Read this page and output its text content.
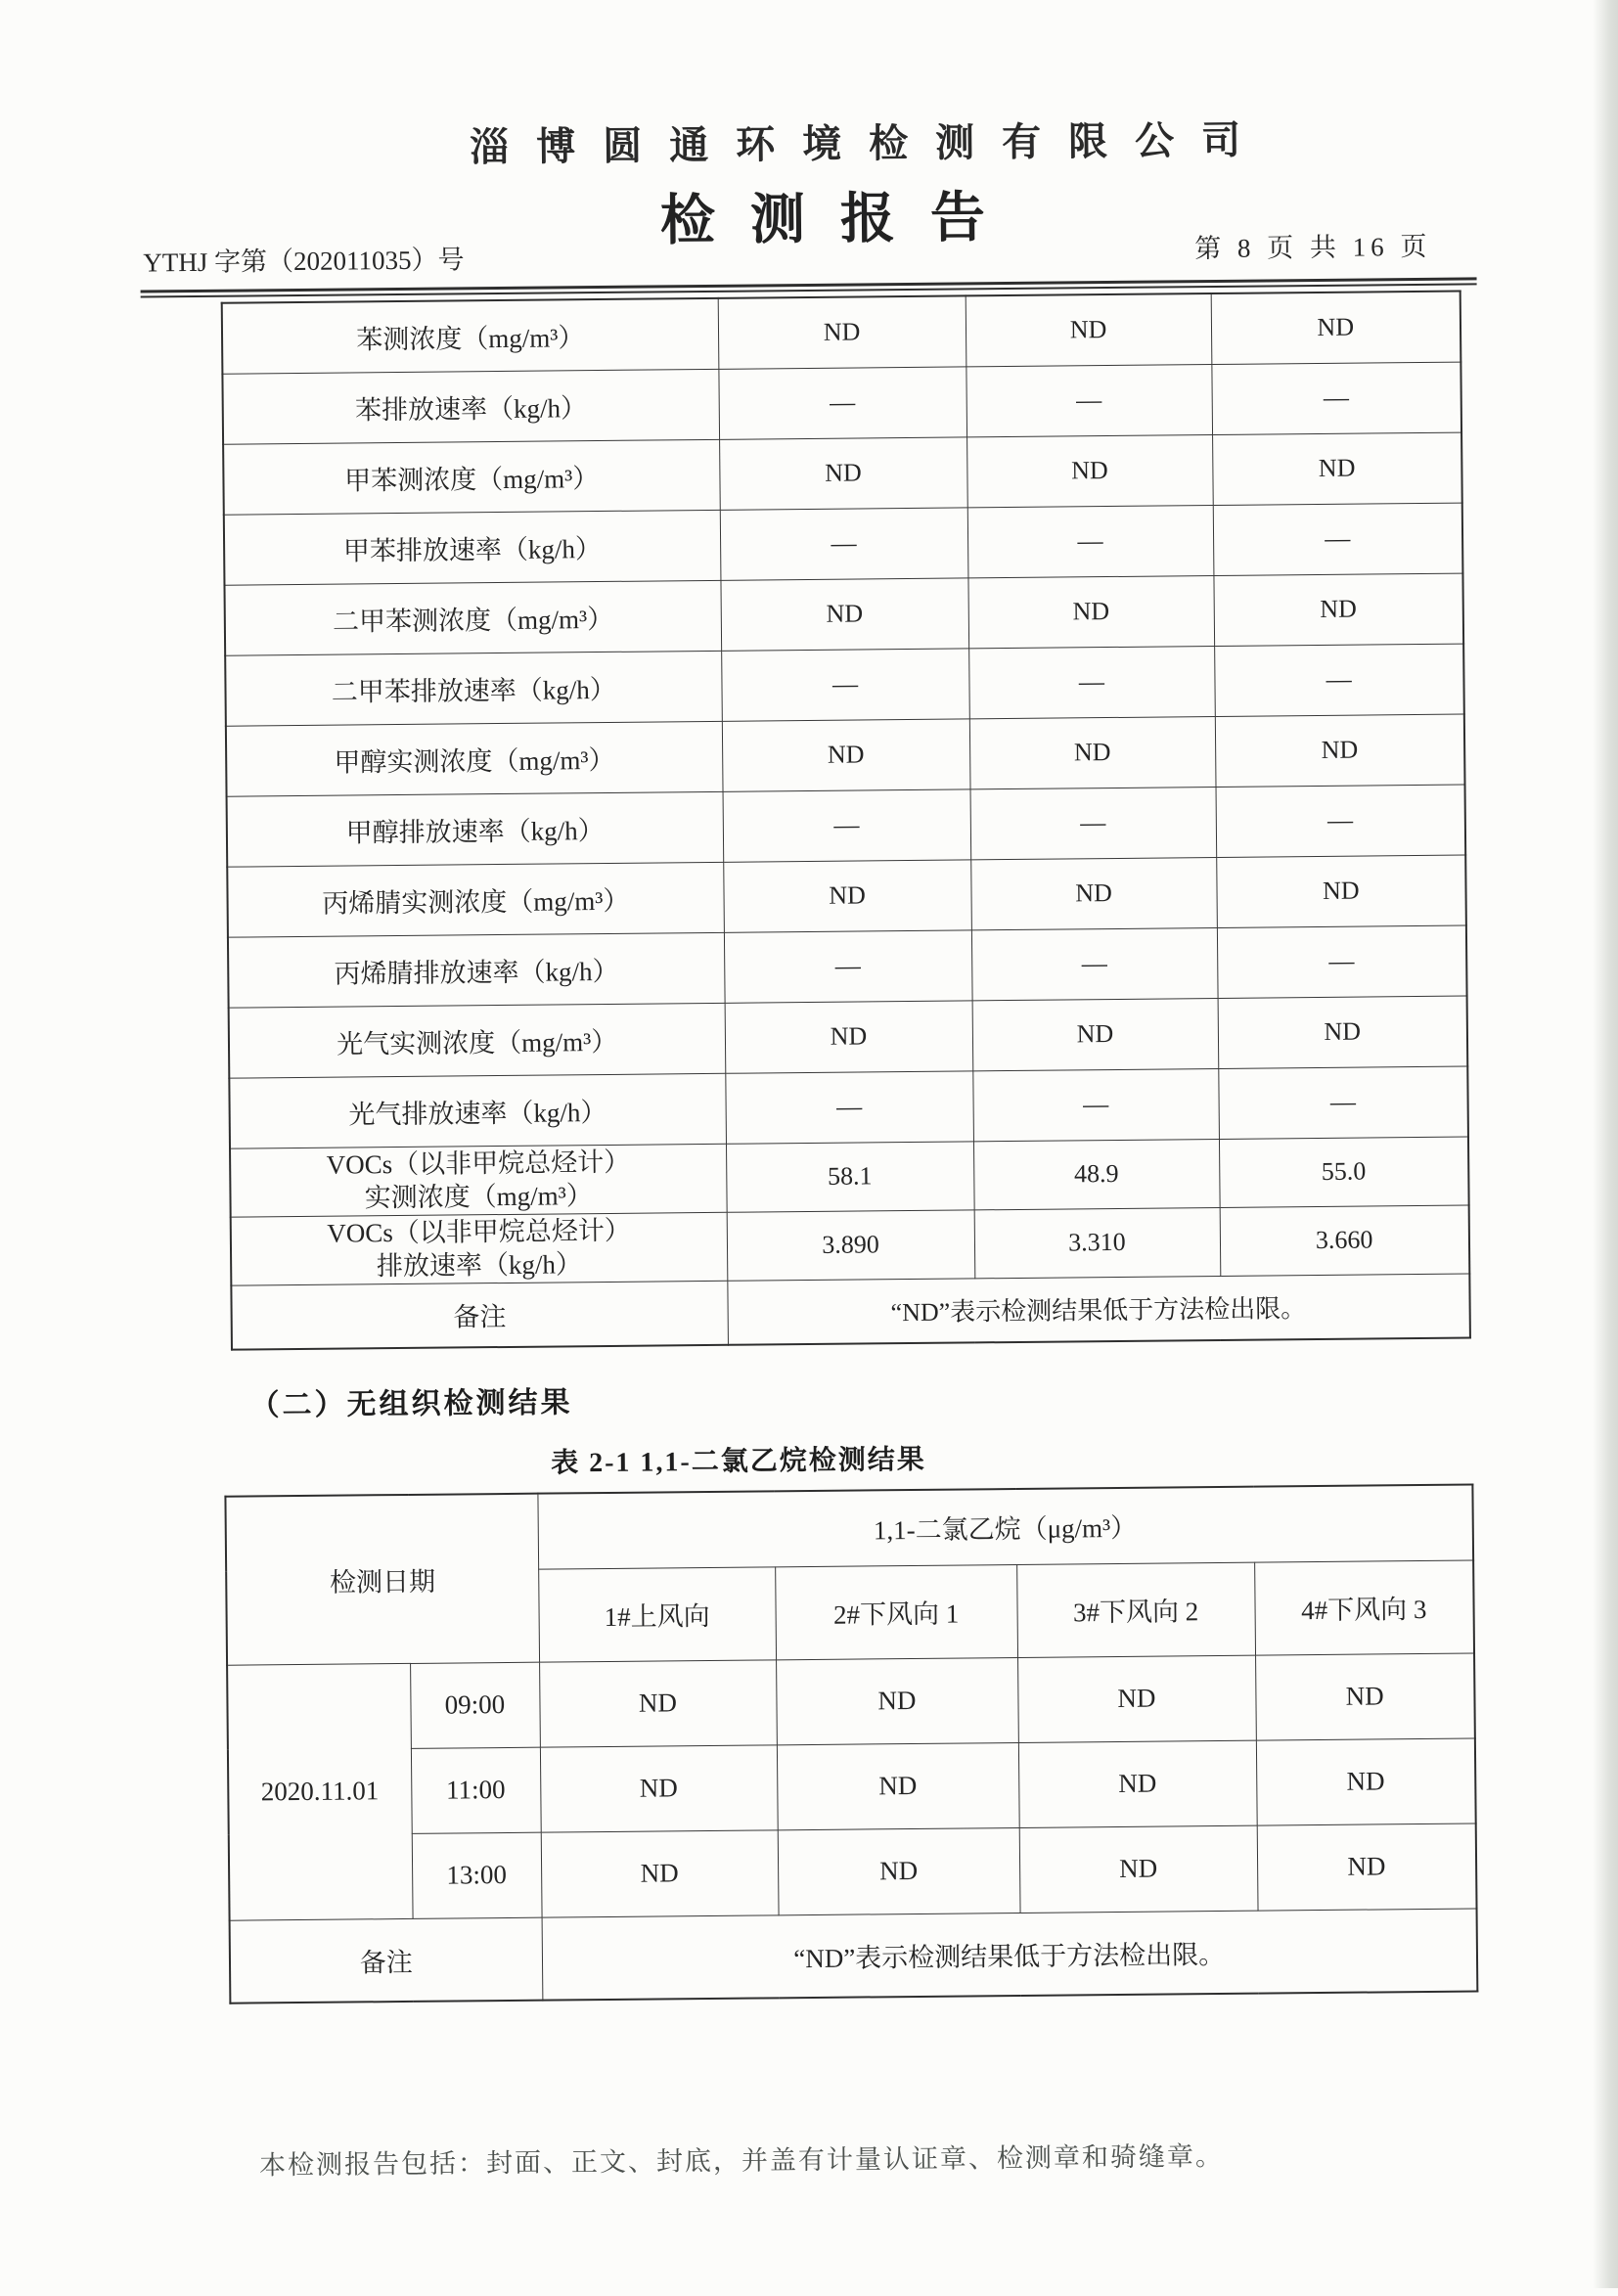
淄博圆通环境检测有限公司
检测报告
YTHJ 字第（202011035）号	第 8 页 共 16 页
苯测浓度（mg/m³）	ND	ND	ND
苯排放速率（kg/h）	—	—	—
甲苯测浓度（mg/m³）	ND	ND	ND
甲苯排放速率（kg/h）	—	—	—
二甲苯测浓度（mg/m³）	ND	ND	ND
二甲苯排放速率（kg/h）	—	—	—
甲醇实测浓度（mg/m³）	ND	ND	ND
甲醇排放速率（kg/h）	—	—	—
丙烯腈实测浓度（mg/m³）	ND	ND	ND
丙烯腈排放速率（kg/h）	—	—	—
光气实测浓度（mg/m³）	ND	ND	ND
光气排放速率（kg/h）	—	—	—

VOCs（以非甲烷总烃计）
实测浓度（mg/m³）	58.1	48.9	55.0

VOCs（以非甲烷总烃计）
排放速率（kg/h）	3.890	3.310	3.660
备注	“ND”表示检测结果低于方法检出限。		
（二）无组织检测结果
表 2-1 1,1-二氯乙烷检测结果
检测日期		1,1-二氯乙烷（μg/m³）			
		1#上风向	2#下风向 1	3#下风向 2	4#下风向 3
2020.11.01	09:00	ND	ND	ND	ND
	11:00	ND	ND	ND	ND
	13:00	ND	ND	ND	ND
备注		“ND”表示检测结果低于方法检出限。			
本检测报告包括：封面、正文、封底，并盖有计量认证章、检测章和骑缝章。
